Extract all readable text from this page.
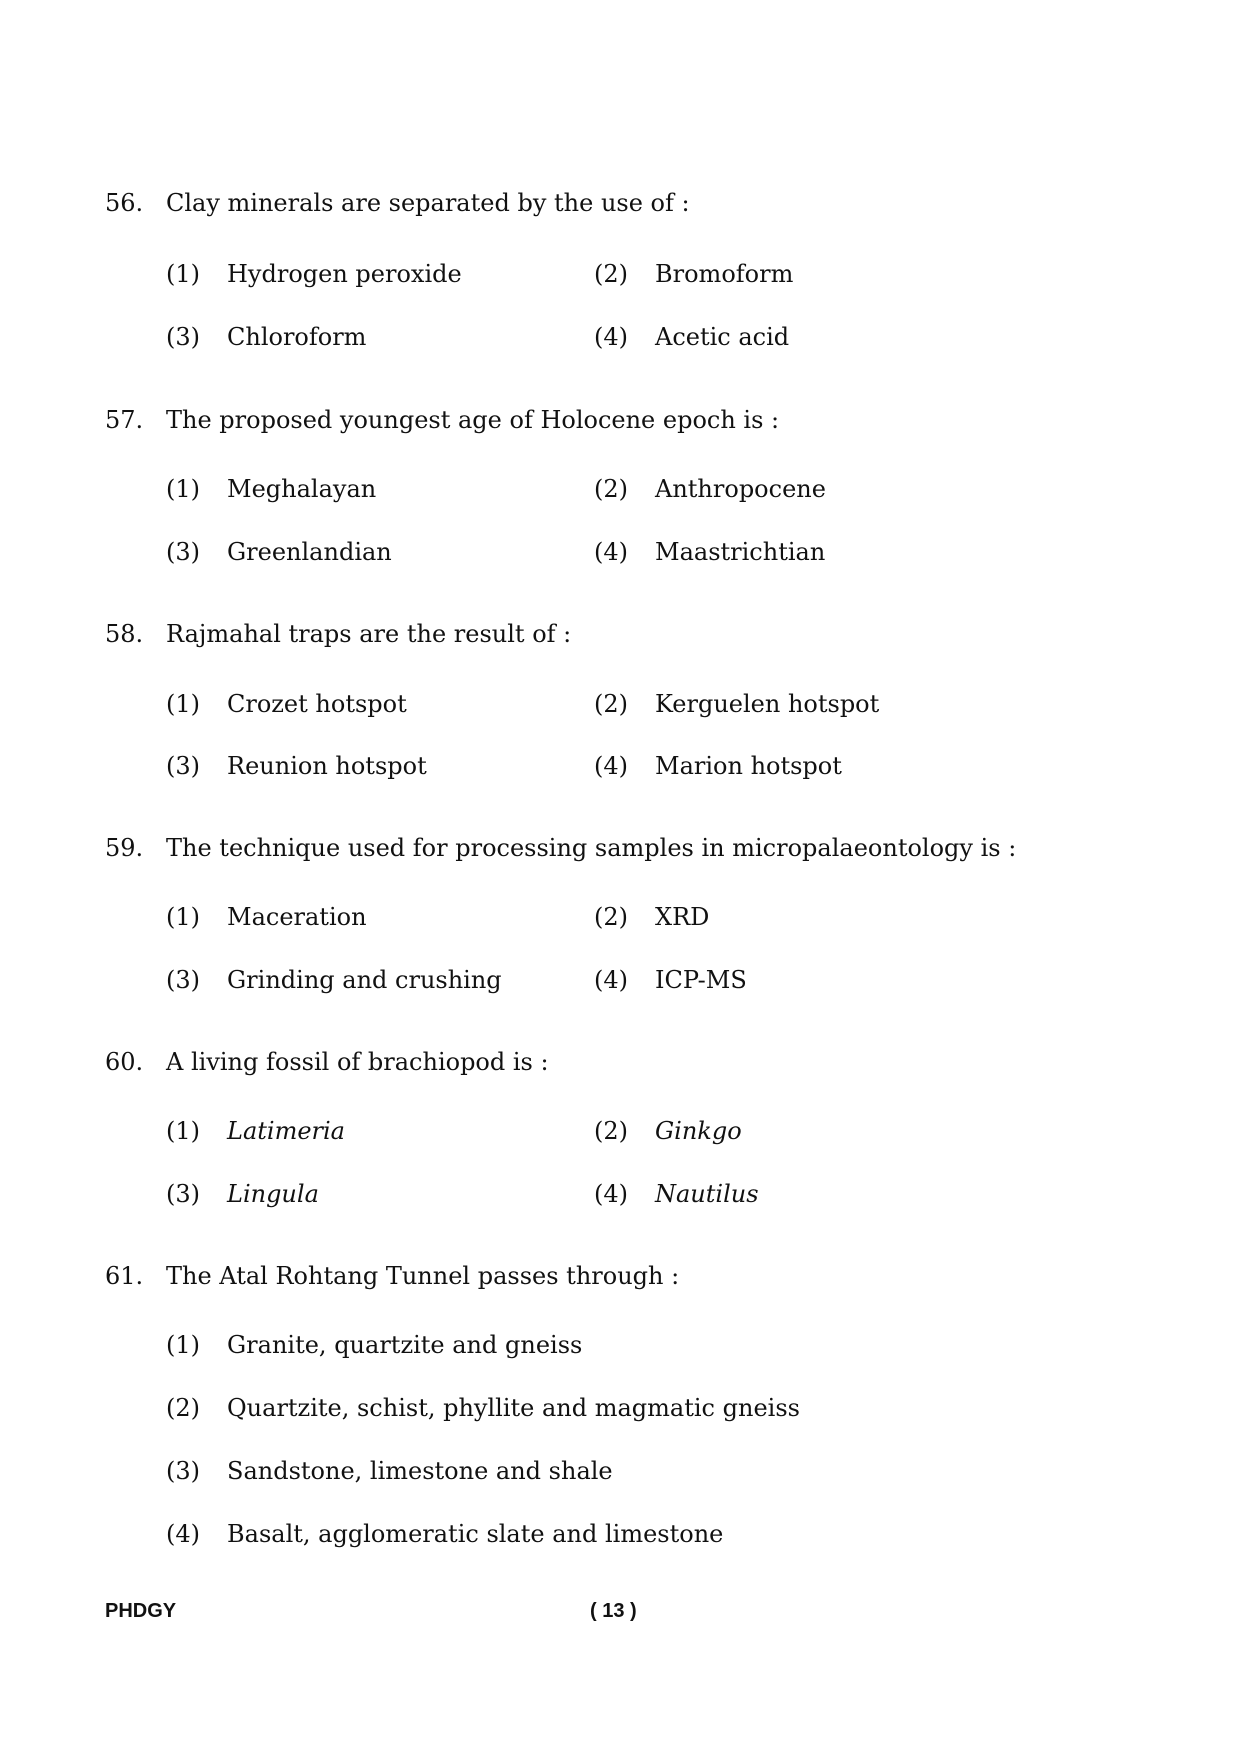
56. Clay minerals are separated by the use of :
(1) Hydrogen peroxide	(2) Bromoform
(3) Chloroform	(4) Acetic acid
57. The proposed youngest age of Holocene epoch is :
(1) Meghalayan	(2) Anthropocene
(3) Greenlandian	(4) Maastrichtian
58. Rajmahal traps are the result of :
(1) Crozet hotspot	(2) Kerguelen hotspot
(3) Reunion hotspot	(4) Marion hotspot
59. The technique used for processing samples in micropalaeontology is :
(1) Maceration	(2) XRD
(3) Grinding and crushing	(4) ICP-MS
60. A living fossil of brachiopod is :
(1) Latimeria	(2) Ginkgo
(3) Lingula	(4) Nautilus
61. The Atal Rohtang Tunnel passes through :
(1) Granite, quartzite and gneiss
(2) Quartzite, schist, phyllite and magmatic gneiss
(3) Sandstone, limestone and shale
(4) Basalt, agglomeratic slate and limestone
PHDGY	( 13 )
